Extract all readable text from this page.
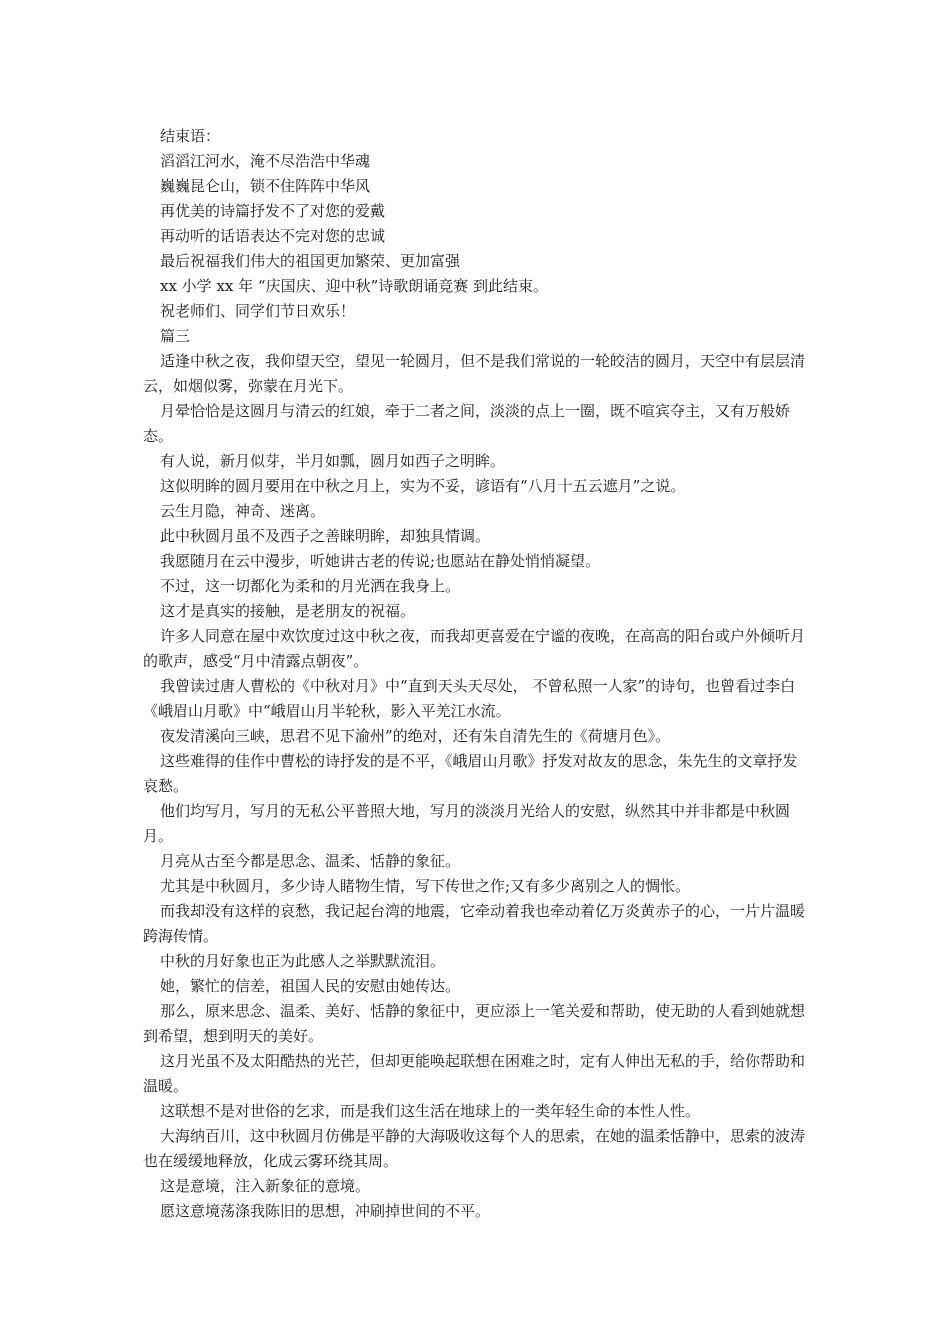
结束语：

滔滔江河水，淹不尽浩浩中华魂

巍巍昆仑山，锁不住阵阵中华风

再优美的诗篇抒发不了对您的爱戴

再动听的话语表达不完对您的忠诚

最后祝福我们伟大的祖国更加繁荣、更加富强

xx 小学 xx 年 “庆国庆、迎中秋”诗歌朗诵竞赛 到此结束。

祝老师们、同学们节日欢乐！

篇三

适逢中秋之夜，我仰望天空，望见一轮圆月，但不是我们常说的一轮皎洁的圆月，天空中有层层清云，如烟似雾，弥蒙在月光下。

月晕恰恰是这圆月与清云的红娘，牵于二者之间，淡淡的点上一圈，既不喧宾夺主，又有万般娇态。

有人说，新月似芽，半月如瓢，圆月如西子之明眸。

这似明眸的圆月要用在中秋之月上，实为不妥，谚语有“八月十五云遮月”之说。

云生月隐，神奇、迷离。

此中秋圆月虽不及西子之善睐明眸，却独具情调。

我愿随月在云中漫步，听她讲古老的传说;也愿站在静处悄悄凝望。

不过，这一切都化为柔和的月光洒在我身上。

这才是真实的接触，是老朋友的祝福。

许多人同意在屋中欢饮度过这中秋之夜，而我却更喜爱在宁谧的夜晚，在高高的阳台或户外倾听月的歌声，感受“月中清露点朝夜”。

我曾读过唐人曹松的《中秋对月》中“直到天头天尽处， 不曾私照一人家”的诗句，也曾看过李白《峨眉山月歌》中“峨眉山月半轮秋，影入平羌江水流。

夜发清溪向三峡，思君不见下渝州”的绝对，还有朱自清先生的《荷塘月色》。

这些难得的佳作中曹松的诗抒发的是不平，《峨眉山月歌》抒发对故友的思念，朱先生的文章抒发哀愁。

他们均写月，写月的无私公平普照大地，写月的淡淡月光给人的安慰，纵然其中并非都是中秋圆月。

月亮从古至今都是思念、温柔、恬静的象征。

尤其是中秋圆月，多少诗人睹物生情，写下传世之作;又有多少离别之人的惆怅。

而我却没有这样的哀愁，我记起台湾的地震，它牵动着我也牵动着亿万炎黄赤子的心，一片片温暖跨海传情。

中秋的月好象也正为此感人之举默默流泪。

她，繁忙的信差，祖国人民的安慰由她传达。

那么，原来思念、温柔、美好、恬静的象征中，更应添上一笔关爱和帮助，使无助的人看到她就想到希望，想到明天的美好。

这月光虽不及太阳酷热的光芒，但却更能唤起联想在困难之时，定有人伸出无私的手，给你帮助和温暖。

这联想不是对世俗的乞求，而是我们这生活在地球上的一类年轻生命的本性人性。

大海纳百川，这中秋圆月仿佛是平静的大海吸收这每个人的思索，在她的温柔恬静中，思索的波涛也在缓缓地释放，化成云雾环绕其周。

这是意境，注入新象征的意境。

愿这意境荡涤我陈旧的思想，冲刷掉世间的不平。
